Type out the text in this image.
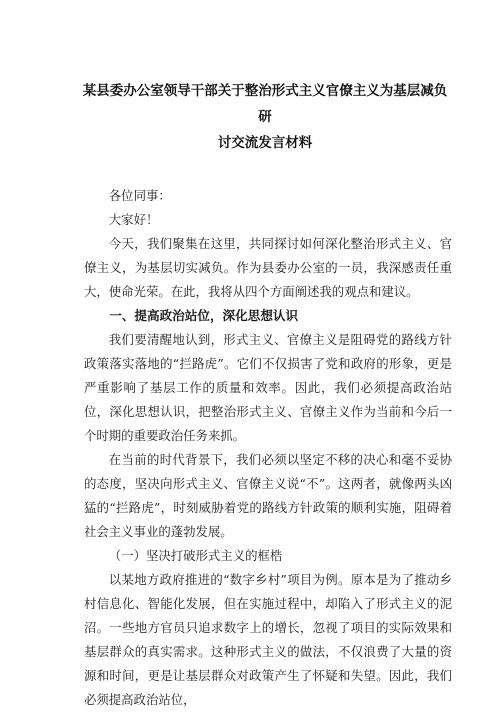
某县委办公室领导干部关于整治形式主义官僚主义为基层减负研
讨交流发言材料

各位同事：

大家好！

今天，我们聚集在这里，共同探讨如何深化整治形式主义、官僚主义，为基层切实减负。作为县委办公室的一员，我深感责任重大，使命光荣。在此，我将从四个方面阐述我的观点和建议。

一、提高政治站位，深化思想认识

我们要清醒地认到，形式主义、官僚主义是阻碍党的路线方针政策落实落地的“拦路虎”。它们不仅损害了党和政府的形象，更是严重影响了基层工作的质量和效率。因此，我们必须提高政治站位，深化思想认识，把整治形式主义、官僚主义作为当前和今后一个时期的重要政治任务来抓。

在当前的时代背景下，我们必须以坚定不移的决心和毫不妥协的态度，坚决向形式主义、官僚主义说“不”。这两者，就像两头凶猛的“拦路虎”，时刻威胁着党的路线方针政策的顺利实施，阻碍着社会主义事业的蓬勃发展。

（一）坚决打破形式主义的框梏

以某地方政府推进的“数字乡村”项目为例。原本是为了推动乡村信息化、智能化发展，但在实施过程中，却陷入了形式主义的泥沼。一些地方官员只追求数字上的增长，忽视了项目的实际效果和基层群众的真实需求。这种形式主义的做法，不仅浪费了大量的资源和时间，更是让基层群众对政策产生了怀疑和失望。因此，我们必须提高政治站位，
